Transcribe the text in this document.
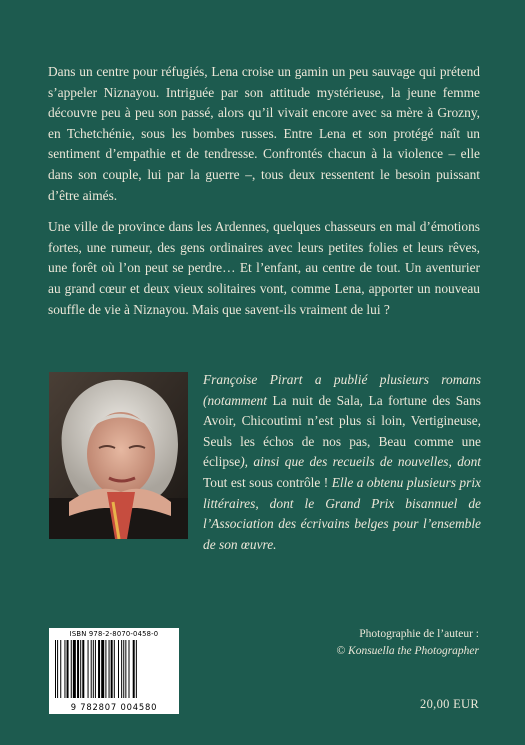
Dans un centre pour réfugiés, Lena croise un gamin un peu sauvage qui prétend s’appeler Niznayou. Intriguée par son attitude mystérieuse, la jeune femme découvre peu à peu son passé, alors qu’il vivait encore avec sa mère à Grozny, en Tchetchénie, sous les bombes russes. Entre Lena et son protégé naît un sentiment d’empathie et de tendresse. Confrontés chacun à la violence – elle dans son couple, lui par la guerre –, tous deux ressentent le besoin puissant d’être aimés.

Une ville de province dans les Ardennes, quelques chasseurs en mal d’émotions fortes, une rumeur, des gens ordinaires avec leurs petites folies et leurs rêves, une forêt où l’on peut se perdre… Et l’enfant, au centre de tout. Un aventurier au grand cœur et deux vieux solitaires vont, comme Lena, apporter un nouveau souffle de vie à Niznayou. Mais que savent-ils vraiment de lui ?

Françoise Pirart a publié plusieurs romans (notamment La nuit de Sala, La fortune des Sans Avoir, Chicoutimi n’est plus si loin, Vertigineuse, Seuls les échos de nos pas, Beau comme une éclipse), ainsi que des recueils de nouvelles, dont Tout est sous contrôle ! Elle a obtenu plusieurs prix littéraires, dont le Grand Prix bisannuel de l’Association des écrivains belges pour l’ensemble de son œuvre.
ISBN 978-2-8070-0458-0
9 782807 004580
Photographie de l’auteur :
© Konsuella the Photographer
20,00 EUR
